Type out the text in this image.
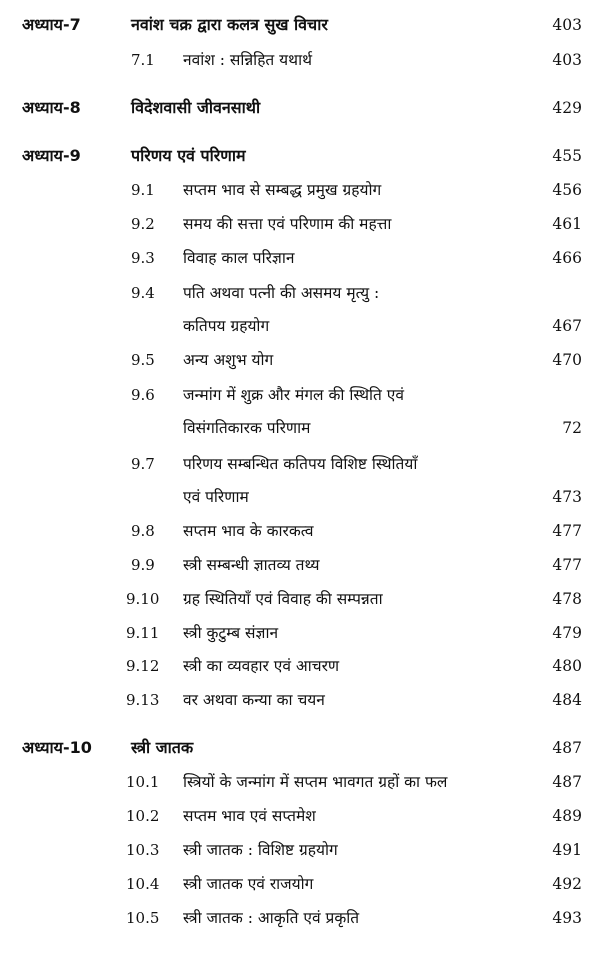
अध्याय-7	नवांश चक्र द्वारा कलत्र सुख विचार	403
7.1 नवांश : सन्निहित यथार्थ	403
अध्याय-8	विदेशवासी जीवनसाथी	429
अध्याय-9	परिणय एवं परिणाम	455
9.1 सप्तम भाव से सम्बद्ध प्रमुख ग्रहयोग	456
9.2 समय की सत्ता एवं परिणाम की महत्ता	461
9.3 विवाह काल परिज्ञान	466
9.4 पति अथवा पत्नी की असमय मृत्यु :
कतिपय ग्रहयोग	467
9.5 अन्य अशुभ योग	470
9.6 जन्मांग में शुक्र और मंगल की स्थिति एवं
विसंगतिकारक परिणाम	72
9.7 परिणय सम्बन्धित कतिपय विशिष्ट स्थितियाँ
एवं परिणाम	473
9.8 सप्तम भाव के कारकत्व	477
9.9 स्त्री सम्बन्धी ज्ञातव्य तथ्य	477
9.10 ग्रह स्थितियाँ एवं विवाह की सम्पन्नता	478
9.11 स्त्री कुटुम्ब संज्ञान	479
9.12 स्त्री का व्यवहार एवं आचरण	480
9.13 वर अथवा कन्या का चयन	484
अध्याय-10 स्त्री जातक	487
10.1 स्त्रियों के जन्मांग में सप्तम भावगत ग्रहों का फल	487
10.2 सप्तम भाव एवं सप्तमेश	489
10.3 स्त्री जातक : विशिष्ट ग्रहयोग	491
10.4 स्त्री जातक एवं राजयोग	492
10.5 स्त्री जातक : आकृति एवं प्रकृति	493
